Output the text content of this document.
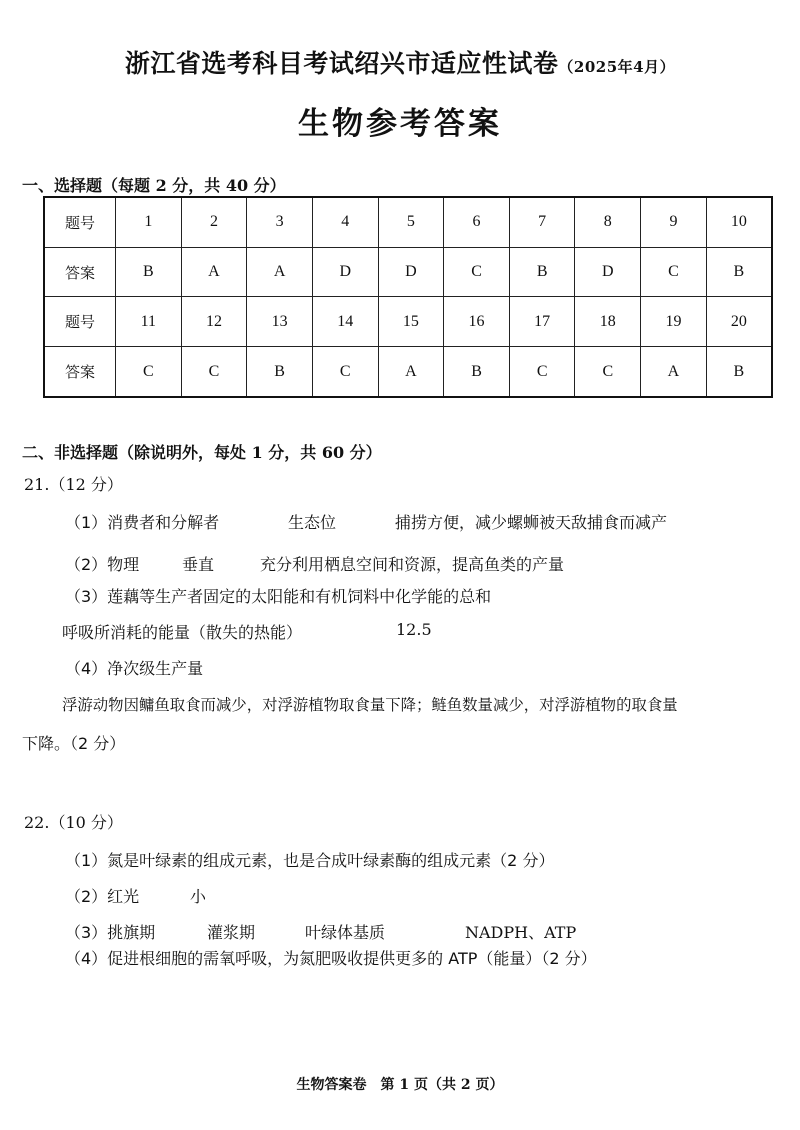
浙江省选考科目考试绍兴市适应性试卷（2025年4月）
生物参考答案
一、选择题（每题 2 分，共 40 分）
题号	1	2	3	4	5	6	7	8	9	10
答案	B	A	A	D	D	C	B	D	C	B
题号	11	12	13	14	15	16	17	18	19	20
答案	C	C	B	C	A	B	C	C	A	B
二、非选择题（除说明外，每处 1 分，共 60 分）
21.（12 分）
（1）消费者和分解者	生态位	捕捞方便，减少螺蛳被天敌捕食而减产
（2）物理	垂直	充分利用栖息空间和资源，提高鱼类的产量
（3）莲藕等生产者固定的太阳能和有机饲料中化学能的总和
呼吸所消耗的能量（散失的热能）	12.5
（4）净次级生产量
浮游动物因鳙鱼取食而减少，对浮游植物取食量下降；鲢鱼数量减少，对浮游植物的取食量
下降。（2 分）
22.（10 分）
（1）氮是叶绿素的组成元素，也是合成叶绿素酶的组成元素（2 分）
（2）红光	小
（3）挑旗期	灌浆期	叶绿体基质	NADPH、ATP
（4）促进根细胞的需氧呼吸，为氮肥吸收提供更多的 ATP（能量）（2 分）
生物答案卷　第 1 页（共 2 页）
